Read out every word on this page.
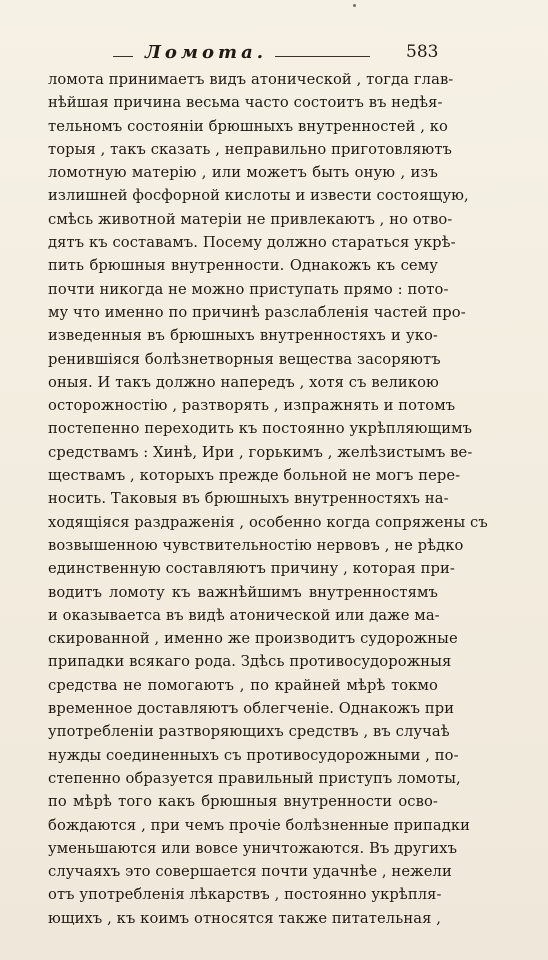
Ломота.	583
ломота принимаетъ видъ атонической , тогда глав-
нѣйшая причина весьма часто состоитъ въ недѣя-
тельномъ состояніи брюшныхъ внутренностей , ко
торыя , такъ сказать , неправильно приготовляютъ
ломотную матерію , или можетъ быть оную , изъ
излишней фосфорной кислоты и извести состоящую,
смѣсь животной матеріи не привлекаютъ , но отво-
дятъ къ составамъ. Посему должно стараться укрѣ-
пить брюшныя внутренности. Однакожъ къ сему
почти никогда не можно приступать прямо : пото-
му что именно по причинѣ разслабленія частей про-
изведенныя въ брюшныхъ внутренностяхъ и уко-
ренившіяся болѣзнетворныя вещества засоряютъ
оныя. И такъ должно напередъ , хотя съ великою
осторожностію , разтворять , изпражнять и потомъ
постепенно переходить къ постоянно укрѣпляющимъ
средствамъ : Хинѣ, Ири , горькимъ , желѣзистымъ ве-
ществамъ , которыхъ прежде больной не могъ пере-
носить. Таковыя въ брюшныхъ внутренностяхъ на-
ходящіяся раздраженія , особенно когда сопряжены съ
возвышенною чувствительностію нервовъ , не рѣдко
единственную составляютъ причину , которая при-
водитъ ломоту къ важнѣйшимъ внутренностямъ
и оказываетса въ видѣ атонической или даже ма-
скированной , именно же производитъ судорожные
припадки всякаго рода. Здѣсь противосудорожныя
средства не помогаютъ , по крайней мѣрѣ токмо
временное доставляютъ облегченіе. Однакожъ при
употребленіи разтворяющихъ средствъ , въ случаѣ
нужды соединенныхъ съ противосудорожными , по-
степенно образуется правильный приступъ ломоты,
по мѣрѣ того какъ брюшныя внутренности осво-
бождаются , при чемъ прочіе болѣзненные припадки
уменьшаются или вовсе уничтожаются. Въ другихъ
случаяхъ это совершается почти удачнѣе , нежели
отъ употребленія лѣкарствъ , постоянно укрѣпля-
ющихъ , къ коимъ относятся также питательная ,
